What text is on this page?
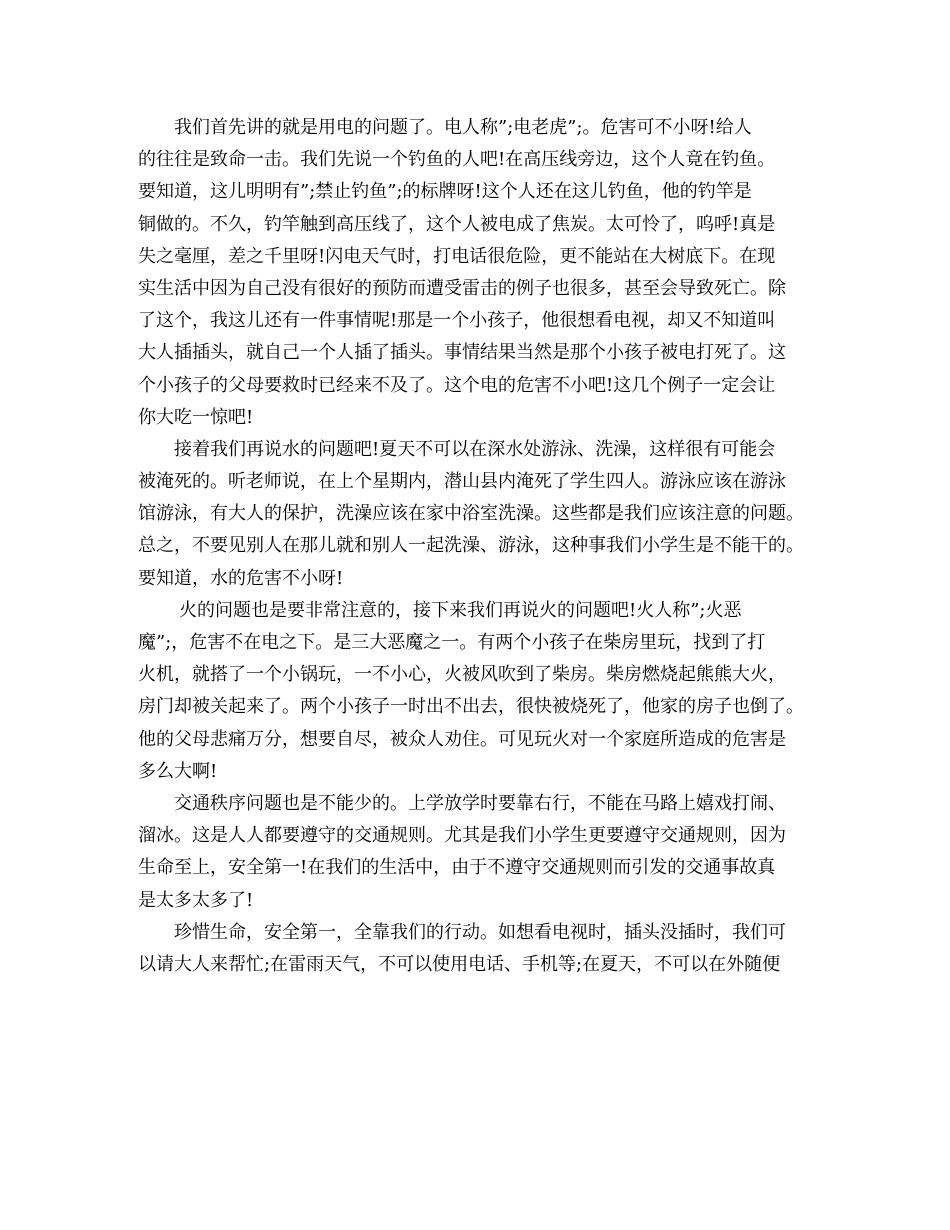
我们首先讲的就是用电的问题了。电人称”;电老虎”;。危害可不小呀!给人
的往往是致命一击。我们先说一个钓鱼的人吧!在高压线旁边，这个人竟在钓鱼。
要知道，这儿明明有”;禁止钓鱼”;的标牌呀!这个人还在这儿钓鱼，他的钓竿是
铜做的。不久，钓竿触到高压线了，这个人被电成了焦炭。太可怜了，呜呼!真是
失之毫厘，差之千里呀!闪电天气时，打电话很危险，更不能站在大树底下。在现
实生活中因为自己没有很好的预防而遭受雷击的例子也很多，甚至会导致死亡。除
了这个，我这儿还有一件事情呢!那是一个小孩子，他很想看电视，却又不知道叫
大人插插头，就自己一个人插了插头。事情结果当然是那个小孩子被电打死了。这
个小孩子的父母要救时已经来不及了。这个电的危害不小吧!这几个例子一定会让
你大吃一惊吧!
接着我们再说水的问题吧!夏天不可以在深水处游泳、洗澡，这样很有可能会
被淹死的。听老师说，在上个星期内，潜山县内淹死了学生四人。游泳应该在游泳
馆游泳，有大人的保护，洗澡应该在家中浴室洗澡。这些都是我们应该注意的问题。
总之，不要见别人在那儿就和别人一起洗澡、游泳，这种事我们小学生是不能干的。
要知道，水的危害不小呀!
火的问题也是要非常注意的，接下来我们再说火的问题吧!火人称”;火恶
魔”;，危害不在电之下。是三大恶魔之一。有两个小孩子在柴房里玩，找到了打
火机，就搭了一个小锅玩，一不小心，火被风吹到了柴房。柴房燃烧起熊熊大火，
房门却被关起来了。两个小孩子一时出不出去，很快被烧死了，他家的房子也倒了。
他的父母悲痛万分，想要自尽，被众人劝住。可见玩火对一个家庭所造成的危害是
多么大啊!
交通秩序问题也是不能少的。上学放学时要靠右行，不能在马路上嬉戏打闹、
溜冰。这是人人都要遵守的交通规则。尤其是我们小学生更要遵守交通规则，因为
生命至上，安全第一!在我们的生活中，由于不遵守交通规则而引发的交通事故真
是太多太多了!
珍惜生命，安全第一，全靠我们的行动。如想看电视时，插头没插时，我们可
以请大人来帮忙;在雷雨天气，不可以使用电话、手机等;在夏天，不可以在外随便
